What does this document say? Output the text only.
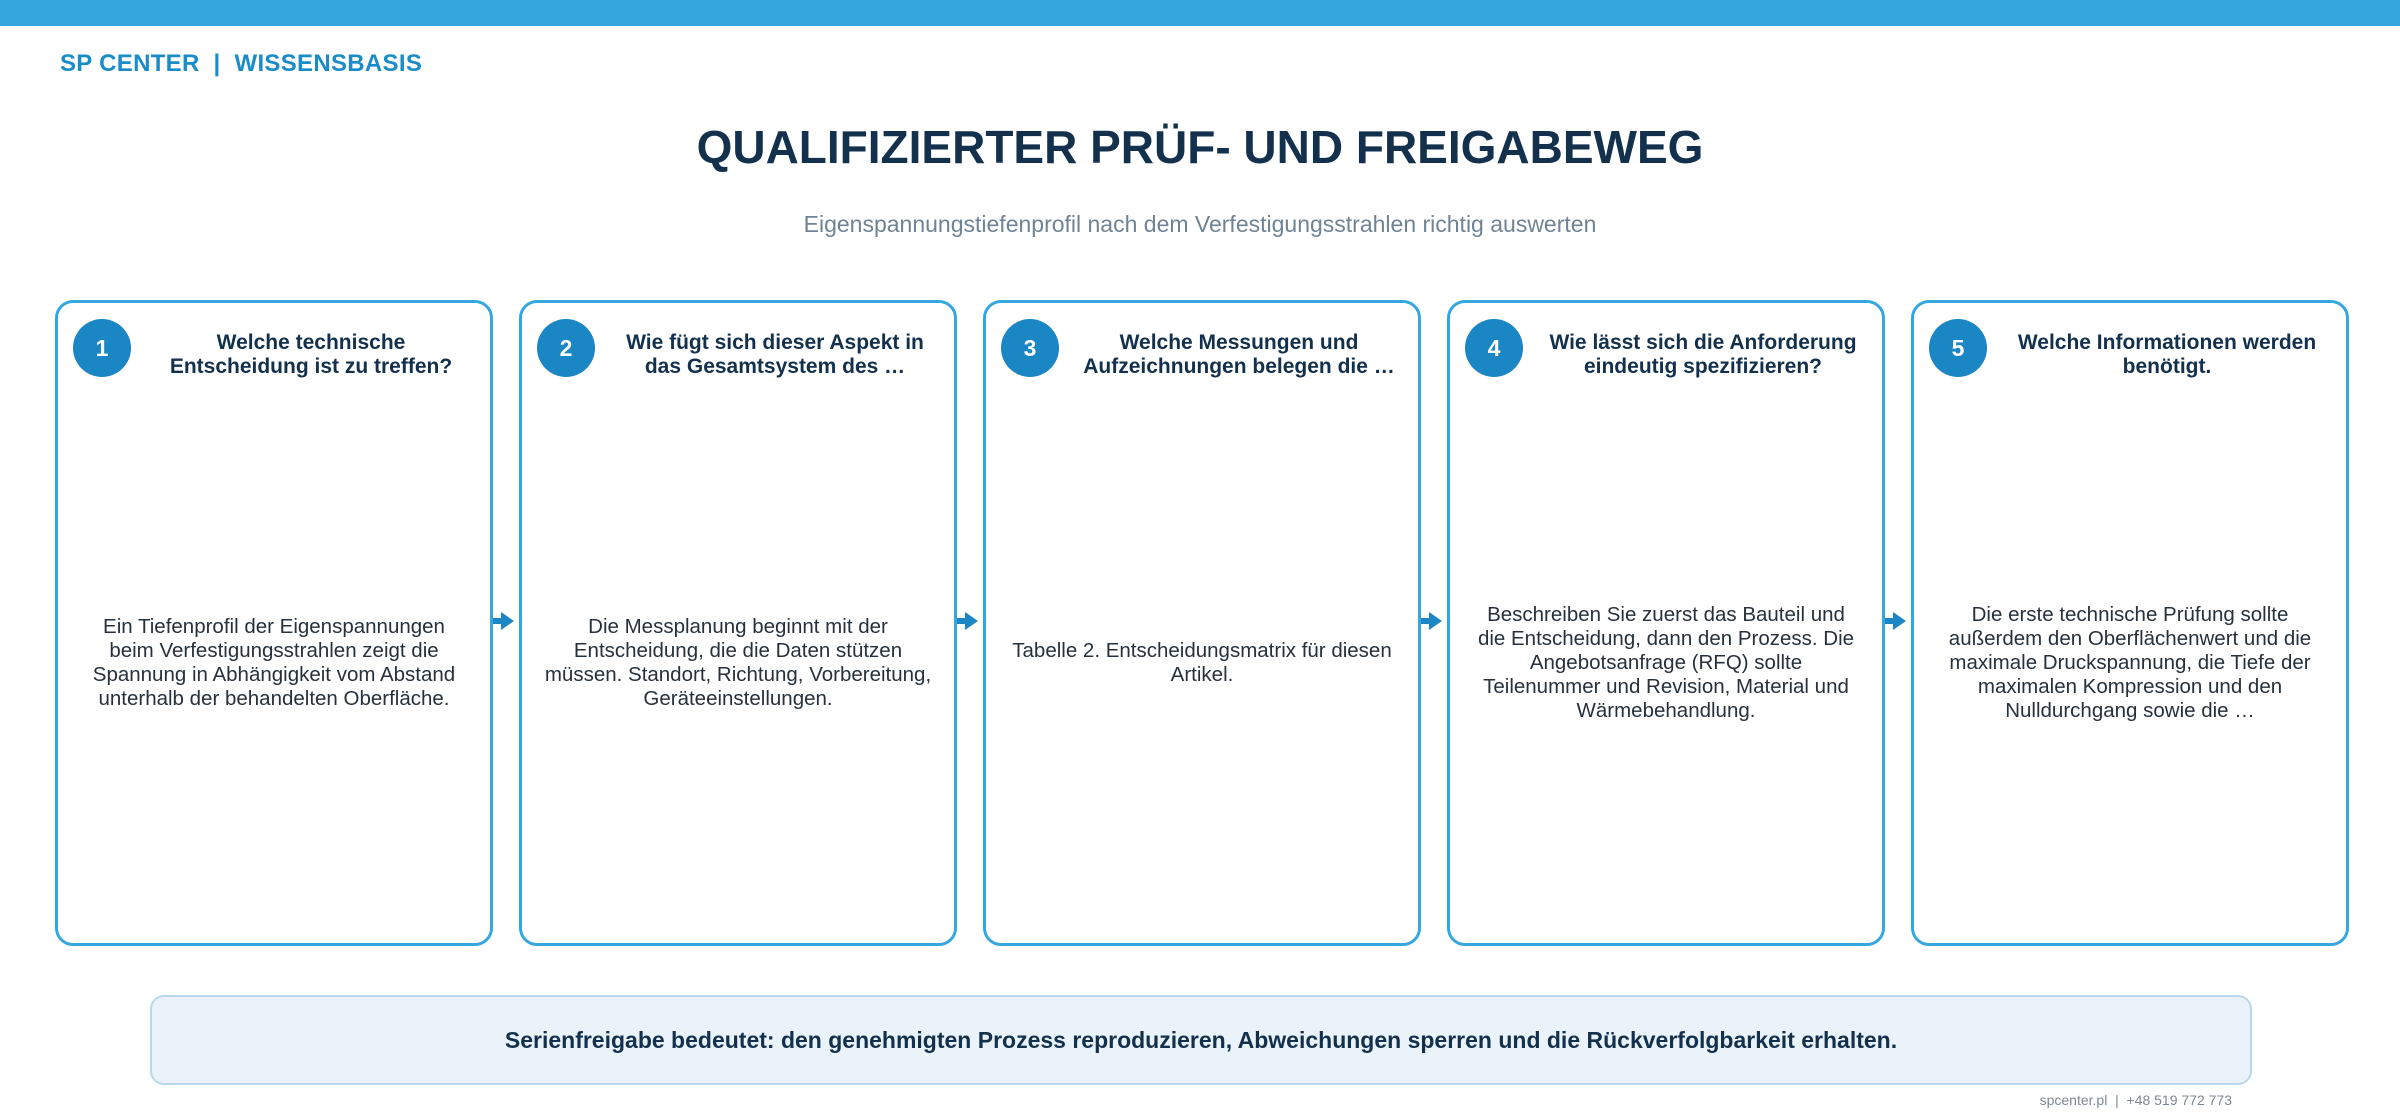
SP CENTER  |  WISSENSBASIS
QUALIFIZIERTER PRÜF- UND FREIGABEWEG
Eigenspannungstiefenprofil nach dem Verfestigungsstrahlen richtig auswerten
1	Welche technische Entscheidung ist zu treffen?
Ein Tiefenprofil der Eigenspannungen beim Verfestigungsstrahlen zeigt die Spannung in Abhängigkeit vom Abstand unterhalb der behandelten Oberfläche.
2	Wie fügt sich dieser Aspekt in das Gesamtsystem des …
Die Messplanung beginnt mit der Entscheidung, die die Daten stützen müssen. Standort, Richtung, Vorbereitung, Geräteeinstellungen.
3	Welche Messungen und Aufzeichnungen belegen die …
Tabelle 2. Entscheidungsmatrix für diesen Artikel.
4	Wie lässt sich die Anforderung eindeutig spezifizieren?
Beschreiben Sie zuerst das Bauteil und die Entscheidung, dann den Prozess. Die Angebotsanfrage (RFQ) sollte Teilenummer und Revision, Material und Wärmebehandlung.
5	Welche Informationen werden benötigt.
Die erste technische Prüfung sollte außerdem den Oberflächenwert und die maximale Druckspannung, die Tiefe der maximalen Kompression und den Nulldurchgang sowie die …
Serienfreigabe bedeutet: den genehmigten Prozess reproduzieren, Abweichungen sperren und die Rückverfolgbarkeit erhalten.
spcenter.pl  |  +48 519 772 773
